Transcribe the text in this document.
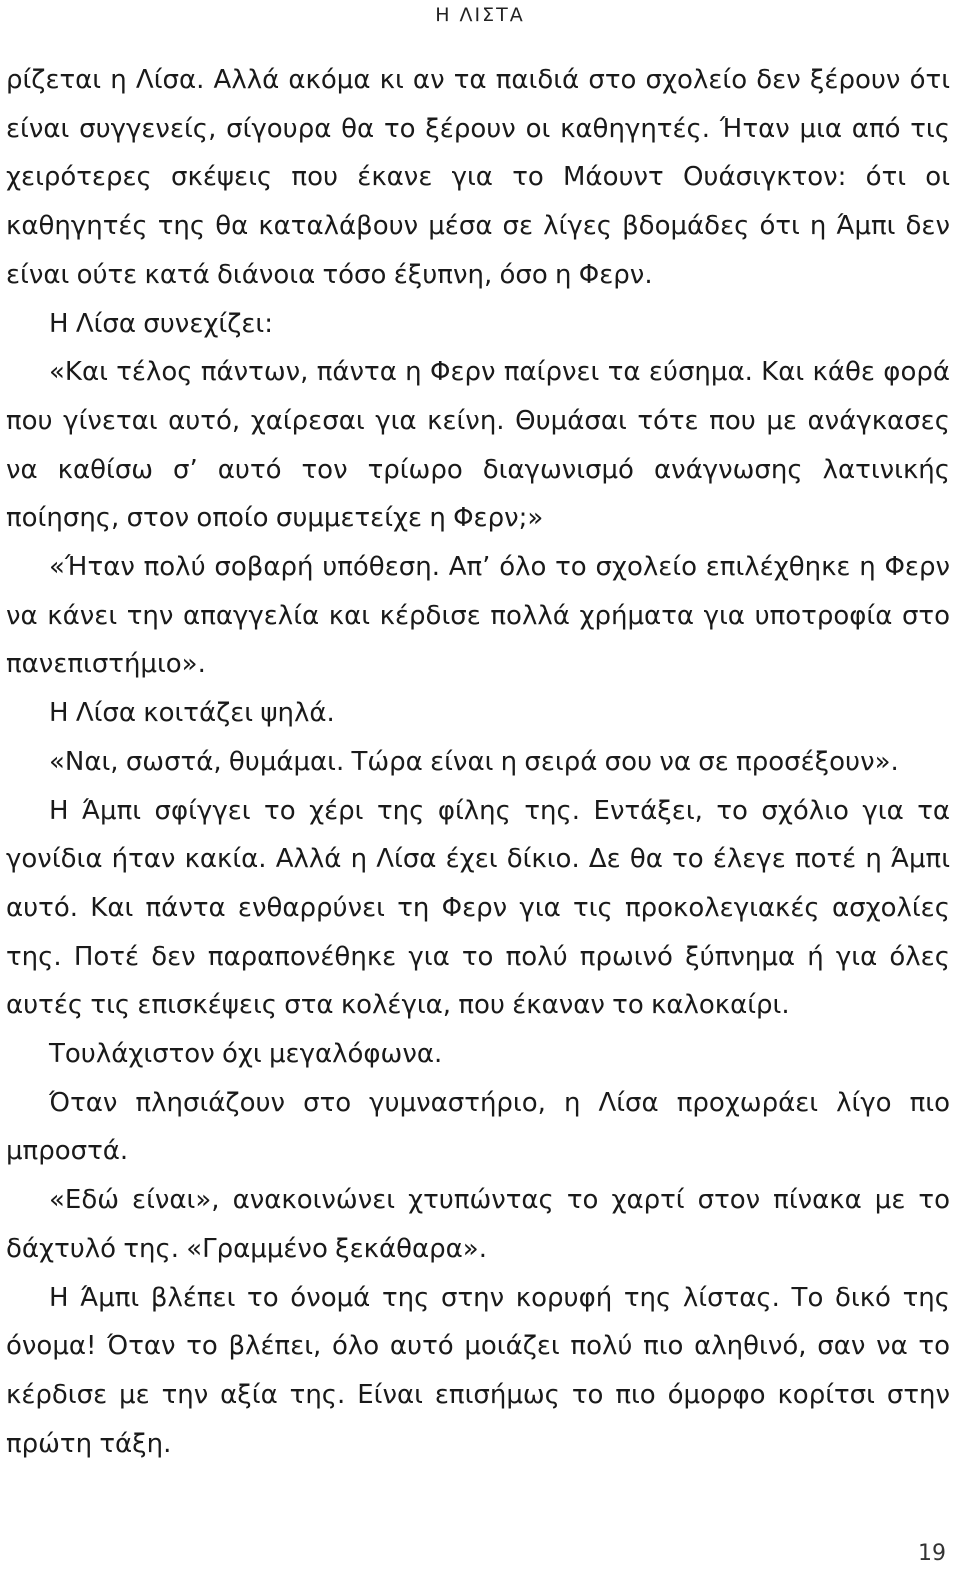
Η ΛΙΣΤΑ

ρίζεται η Λίσα. Αλλά ακόμα κι αν τα παιδιά στο σχολείο δεν ξέρουν ότι είναι συγγενείς, σίγουρα θα το ξέρουν οι καθηγητές. Ήταν μια από τις χειρότερες σκέψεις που έκανε για το Μάουντ Ουάσιγκτον: ότι οι καθηγητές της θα καταλάβουν μέσα σε λίγες βδομάδες ότι η Άμπι δεν είναι ούτε κατά διάνοια τόσο έξυπνη, όσο η Φερν.

Η Λίσα συνεχίζει:

«Και τέλος πάντων, πάντα η Φερν παίρνει τα εύσημα. Και κάθε φορά που γίνεται αυτό, χαίρεσαι για κείνη. Θυμάσαι τότε που με ανάγκασες να καθίσω σ’ αυτό τον τρίωρο διαγωνισμό ανάγνωσης λατινικής ποίησης, στον οποίο συμμετείχε η Φερν;»

«Ήταν πολύ σοβαρή υπόθεση. Απ’ όλο το σχολείο επιλέχθηκε η Φερν να κάνει την απαγγελία και κέρδισε πολλά χρήματα για υποτροφία στο πανεπιστήμιο».

Η Λίσα κοιτάζει ψηλά.

«Ναι, σωστά, θυμάμαι. Τώρα είναι η σειρά σου να σε προσέξουν».

Η Άμπι σφίγγει το χέρι της φίλης της. Εντάξει, το σχόλιο για τα γονίδια ήταν κακία. Αλλά η Λίσα έχει δίκιο. Δε θα το έλεγε ποτέ η Άμπι αυτό. Και πάντα ενθαρρύνει τη Φερν για τις προκολεγιακές ασχολίες της. Ποτέ δεν παραπονέθηκε για το πολύ πρωινό ξύπνημα ή για όλες αυτές τις επισκέψεις στα κολέγια, που έκαναν το καλοκαίρι.

Τουλάχιστον όχι μεγαλόφωνα.

Όταν πλησιάζουν στο γυμναστήριο, η Λίσα προχωράει λίγο πιο μπροστά.

«Εδώ είναι», ανακοινώνει χτυπώντας το χαρτί στον πίνακα με το δάχτυλό της. «Γραμμένο ξεκάθαρα».

Η Άμπι βλέπει το όνομά της στην κορυφή της λίστας. Το δικό της όνομα! Όταν το βλέπει, όλο αυτό μοιάζει πολύ πιο αληθινό, σαν να το κέρδισε με την αξία της. Είναι επισήμως το πιο όμορφο κορίτσι στην πρώτη τάξη.

19
